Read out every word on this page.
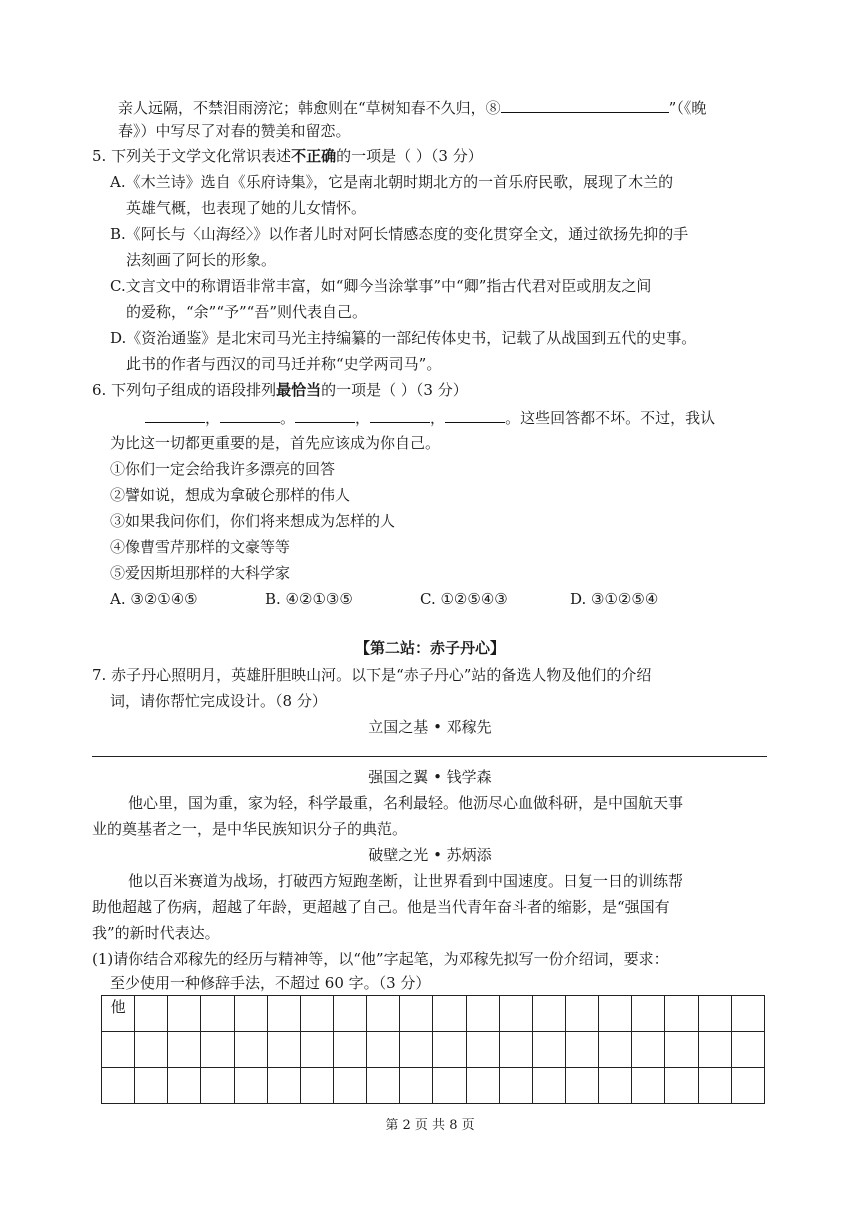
亲人远隔，不禁泪雨滂沱；韩愈则在“草树知春不久归，⑧	”（《晚
春》）中写尽了对春的赞美和留恋。
5. 下列关于文学文化常识表述不正确的一项是（ ）（3 分）
A.《木兰诗》选自《乐府诗集》，它是南北朝时期北方的一首乐府民歌，展现了木兰的
英雄气概，也表现了她的儿女情怀。
B.《阿长与〈山海经〉》以作者儿时对阿长情感态度的变化贯穿全文，通过欲扬先抑的手
法刻画了阿长的形象。
C.文言文中的称谓语非常丰富，如“卿今当涂掌事”中“卿”指古代君对臣或朋友之间
的爱称，“余”“予”“吾”则代表自己。
D.《资治通鉴》是北宋司马光主持编纂的一部纪传体史书，记载了从战国到五代的史事。
此书的作者与西汉的司马迁并称“史学两司马”。
6. 下列句子组成的语段排列最恰当的一项是（ ）（3 分）
，	。	，	，	。这些回答都不坏。不过，我认
为比这一切都更重要的是，首先应该成为你自己。
①你们一定会给我许多漂亮的回答
②譬如说，想成为拿破仑那样的伟人
③如果我问你们，你们将来想成为怎样的人
④像曹雪芹那样的文豪等等
⑤爱因斯坦那样的大科学家
A. ③②①④⑤	B. ④②①③⑤	C. ①②⑤④③	D. ③①②⑤④
【第二站：赤子丹心】
7. 赤子丹心照明月，英雄肝胆映山河。以下是“赤子丹心”站的备选人物及他们的介绍
词，请你帮忙完成设计。（8 分）
立国之基 • 邓稼先
强国之翼 • 钱学森
他心里，国为重，家为轻，科学最重，名利最轻。他沥尽心血做科研，是中国航天事
业的奠基者之一，是中华民族知识分子的典范。
破壁之光 • 苏炳添
他以百米赛道为战场，打破西方短跑垄断，让世界看到中国速度。日复一日的训练帮
助他超越了伤病，超越了年龄，更超越了自己。他是当代青年奋斗者的缩影，是“强国有
我”的新时代表达。
(1)请你结合邓稼先的经历与精神等，以“他”字起笔，为邓稼先拟写一份介绍词，要求：
至少使用一种修辞手法，不超过 60 字。（3 分）
他																			

第 2 页 共 8 页
